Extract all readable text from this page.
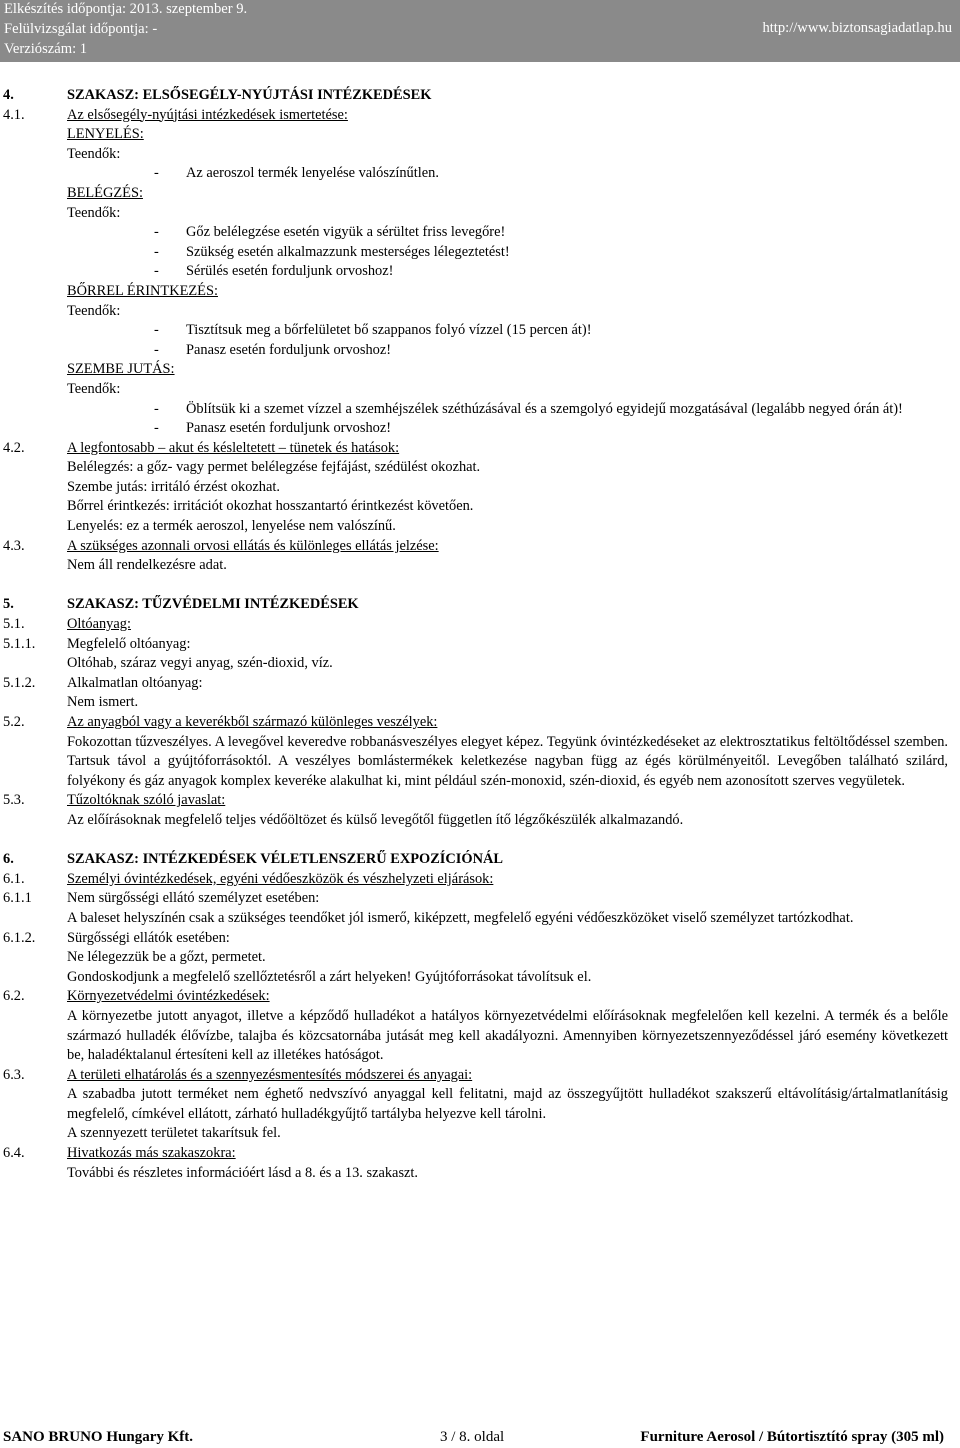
Elkészítés időpontja: 2013. szeptember 9.
Felülvizsgálat időpontja: -
Verziószám: 1
http://www.biztonsagiadatlap.hu
4.	SZAKASZ: ELSŐSEGÉLY-NYÚJTÁSI INTÉZKEDÉSEK
4.1.	Az elsősegély-nyújtási intézkedések ismertetése:
LENYELÉS:
Teendők:
- Az aeroszol termék lenyelése valószínűtlen.
BELÉGZÉS:
Teendők:
- Gőz belélegzése esetén vigyük a sérültet friss levegőre!
- Szükség esetén alkalmazzunk mesterséges lélegeztetést!
- Sérülés esetén forduljunk orvoshoz!
BŐRREL ÉRINTKEZÉS:
Teendők:
- Tisztítsuk meg a bőrfelületet bő szappanos folyó vízzel (15 percen át)!
- Panasz esetén forduljunk orvoshoz!
SZEMBE JUTÁS:
Teendők:
- Öblítsük ki a szemet vízzel a szemhéjszélek széthúzásával és a szemgolyó egyidejű mozgatásával (legalább negyed órán át)!
- Panasz esetén forduljunk orvoshoz!
4.2.	A legfontosabb – akut és késleltetett – tünetek és hatások:
Belélegzés: a gőz- vagy permet belélegzése fejfájást, szédülést okozhat.
Szembe jutás: irritáló érzést okozhat.
Bőrrel érintkezés: irritációt okozhat hosszantartó érintkezést követően.
Lenyelés: ez a termék aeroszol, lenyelése nem valószínű.
4.3.	A szükséges azonnali orvosi ellátás és különleges ellátás jelzése:
Nem áll rendelkezésre adat.
5.	SZAKASZ: TŰZVÉDELMI INTÉZKEDÉSEK
5.1.	Oltóanyag:
5.1.1. Megfelelő oltóanyag:
Oltóhab, száraz vegyi anyag, szén-dioxid, víz.
5.1.2. Alkalmatlan oltóanyag:
Nem ismert.
5.2.	Az anyagból vagy a keverékből származó különleges veszélyek:
Fokozottan tűzveszélyes. A levegővel keveredve robbanásveszélyes elegyet képez. Tegyünk óvintézkedéseket az elektrosztatikus feltöltődéssel szemben. Tartsuk távol a gyújtóforrásoktól. A veszélyes bomlástermékek keletkezése nagyban függ az égés körülményeitől. Levegőben található szilárd, folyékony és gáz anyagok komplex keveréke alakulhat ki, mint például szén-monoxid, szén-dioxid, és egyéb nem azonosított szerves vegyületek.
5.3.	Tűzoltóknak szóló javaslat:
Az előírásoknak megfelelő teljes védőöltözet és külső levegőtől független ítő légzőkészülék alkalmazandó.
6.	SZAKASZ: INTÉZKEDÉSEK VÉLETLENSZERŰ EXPOZÍCIÓNÁL
6.1.	Személyi óvintézkedések, egyéni védőeszközök és vészhelyzeti eljárások:
6.1.1 Nem sürgősségi ellátó személyzet esetében:
A baleset helyszínén csak a szükséges teendőket jól ismerő, kiképzett, megfelelő egyéni védőeszközöket viselő személyzet tartózkodhat.
6.1.2. Sürgősségi ellátók esetében:
Ne lélegezzük be a gőzt, permetet.
Gondoskodjunk a megfelelő szellőztetésről a zárt helyeken! Gyújtóforrásokat távolítsuk el.
6.2.	Környezetvédelmi óvintézkedések:
A környezetbe jutott anyagot, illetve a képződő hulladékot a hatályos környezetvédelmi előírásoknak megfelelően kell kezelni. A termék és a belőle származó hulladék élővízbe, talajba és közcsatornába jutását meg kell akadályozni. Amennyiben környezetszennyeződéssel járó esemény következett be, haladéktalanul értesíteni kell az illetékes hatóságot.
6.3.	A területi elhatárolás és a szennyezésmentesítés módszerei és anyagai:
A szabadba jutott terméket nem éghető nedvszívó anyaggal kell felitatni, majd az összegyűjtött hulladékot szakszerű eltávolításig/ártalmatlanításig megfelelő, címkével ellátott, zárható hulladékgyűjtő tartályba helyezve kell tárolni.
A szennyezett területet takarítsuk fel.
6.4.	Hivatkozás más szakaszokra:
További és részletes információért lásd a 8. és a 13. szakaszt.
SANO BRUNO Hungary Kft.	3 / 8. oldal	Furniture Aerosol / Bútortisztító spray (305 ml)
